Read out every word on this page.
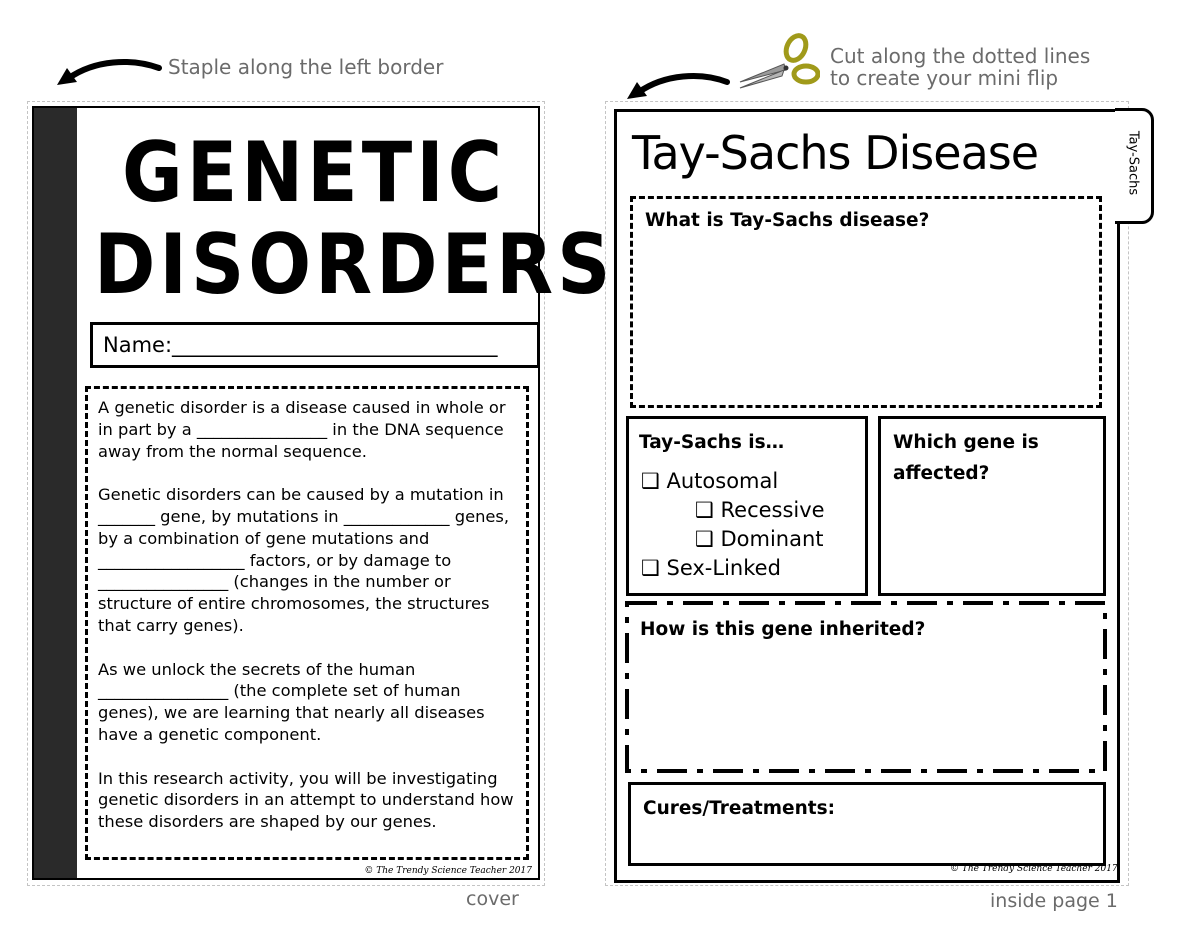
Staple along the left border	Cut along the dotted lines
to create your mini flip
GENETIC
DISORDERS
Name:_______________________________

A genetic disorder is a disease caused in whole or in part by a ________________ in the DNA sequence away from the normal sequence.

Genetic disorders can be caused by a mutation in _______ gene, by mutations in _____________ genes, by a combination of gene mutations and __________________ factors, or by damage to ________________ (changes in the number or structure of entire chromosomes, the structures that carry genes).

As we unlock the secrets of the human ________________ (the complete set of human genes), we are learning that nearly all diseases have a genetic component.

In this research activity, you will be investigating genetic disorders in an attempt to understand how these disorders are shaped by our genes.

© The Trendy Science Teacher 2017
cover
Tay-Sachs
Tay-Sachs Disease
What is Tay-Sachs disease?
Tay-Sachs is…
❑ Autosomal
❑ Recessive
❑ Dominant
❑ Sex-Linked
Which gene is
affected?
How is this gene inherited?
Cures/Treatments:
© The Trendy Science Teacher 2017
inside page 1
